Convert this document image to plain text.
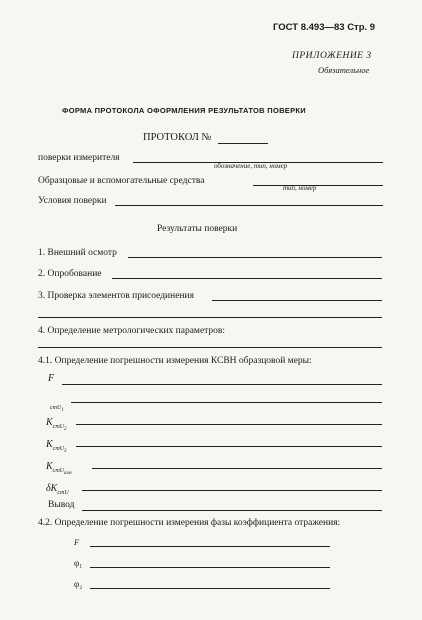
ГОСТ 8.493—83 Стр. 9
ПРИЛОЖЕНИЕ 3
Обязательное
ФОРМА ПРОТОКОЛА ОФОРМЛЕНИЯ РЕЗУЛЬТАТОВ ПОВЕРКИ
ПРОТОКОЛ №
поверки измерителя
обозначение, тип, номер
Образцовые и вспомогательные средства
тип, номер
Условия поверки
Результаты поверки
1. Внешний осмотр
2. Опробование
3. Проверка элементов присоединения
4. Определение метрологических параметров:
4.1. Определение погрешности измерения КСВН образцовой меры:
F
стU$_1$
KстU$_2$
KстU$_3$
KстU$_{изм}$
δKстU
Вывод
4.2. Определение погрешности измерения фазы коэффициента отражения:
F
φ₁
φ₂
